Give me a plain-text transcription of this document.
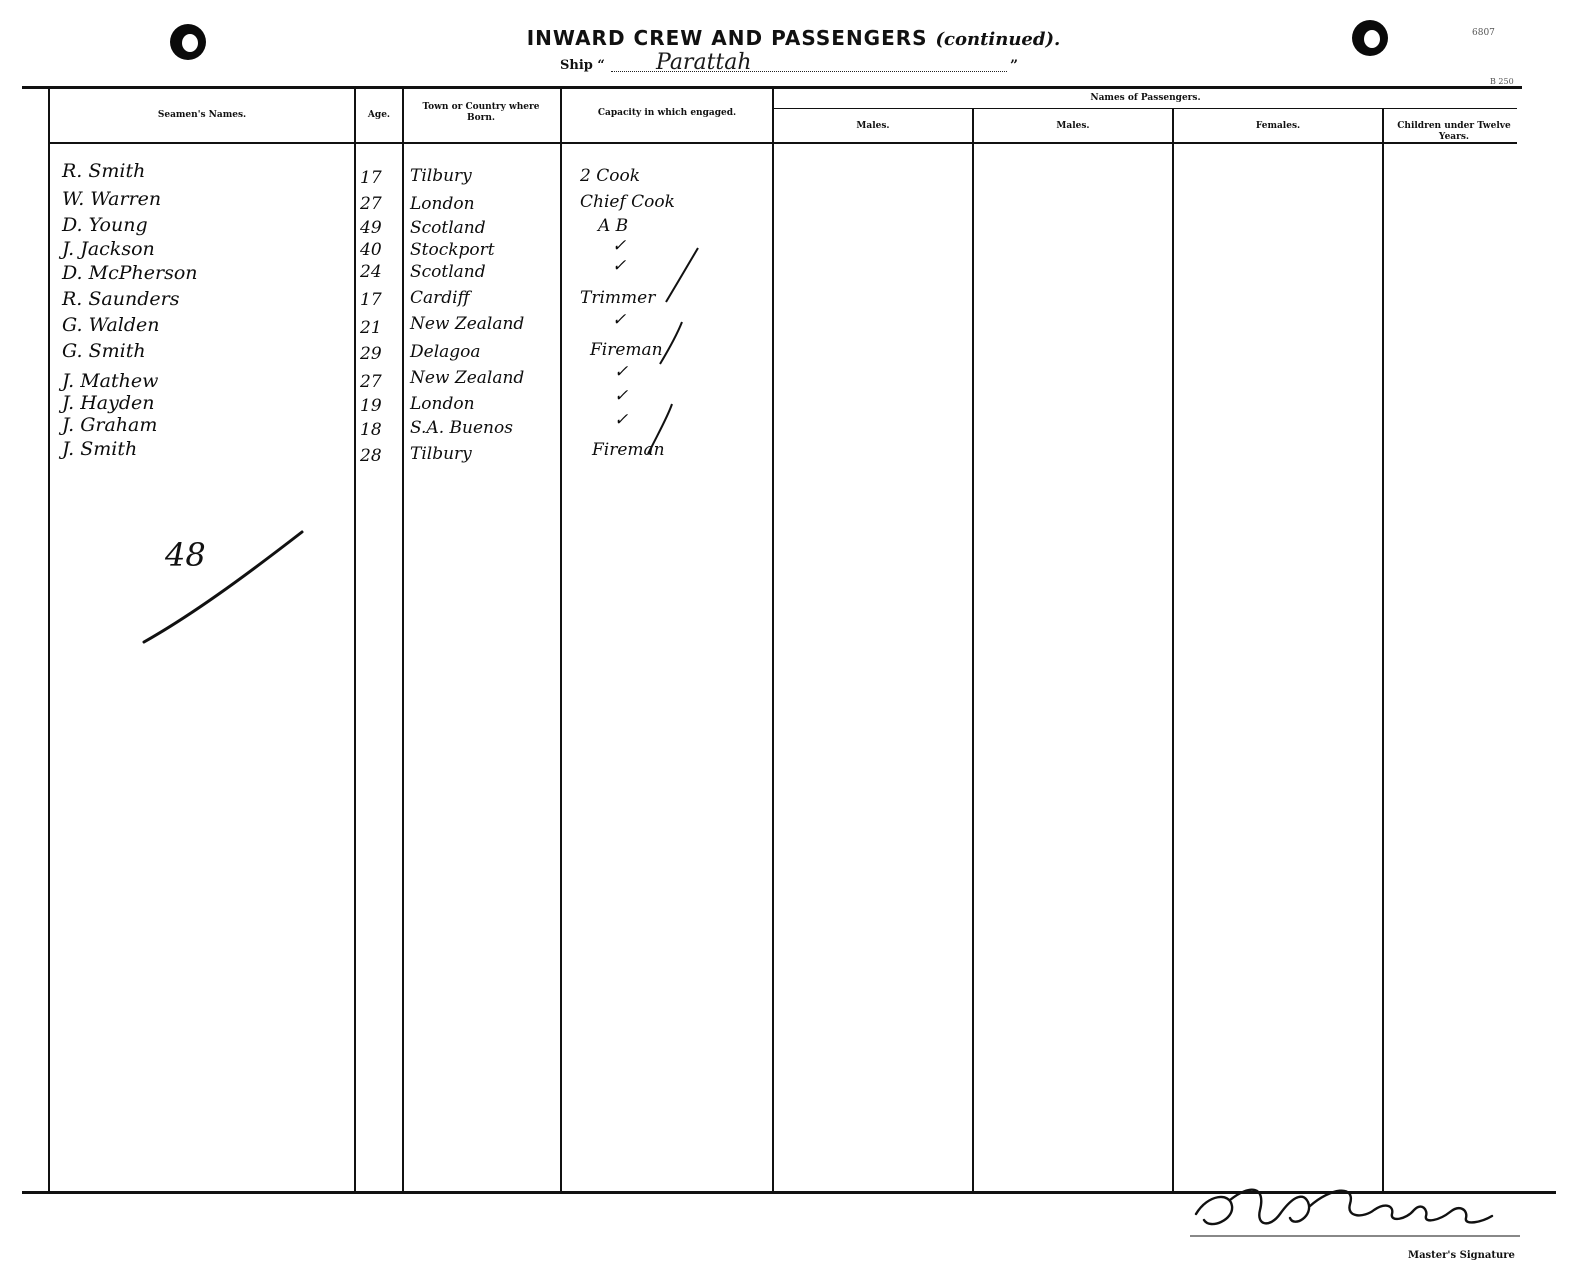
INWARD CREW AND PASSENGERS (continued).	6807
B 250
Ship “ Parattah	”
Seamen's Names.	Age.
Town or Country where Born.	Capacity in which engaged.
Names of Passengers.
Males.	Males.	Females.	Children under Twelve Years.
R. Smith	17 Tilbury	2 Cook
W. Warren	27 London	Chief Cook
D. Young	49 Scotland	A B
J. Jackson	40 Stockport	✓
D. McPherson	24 Scotland	✓
R. Saunders	17 Cardiff	Trimmer
G. Walden	21 New Zealand	✓
G. Smith	29 Delagoa	Fireman
J. Mathew	27 New Zealand	✓
J. Hayden	19 London	✓
J. Graham	18 S.A. Buenos	✓
J. Smith	28 Tilbury	Fireman
48
Master's Signature
